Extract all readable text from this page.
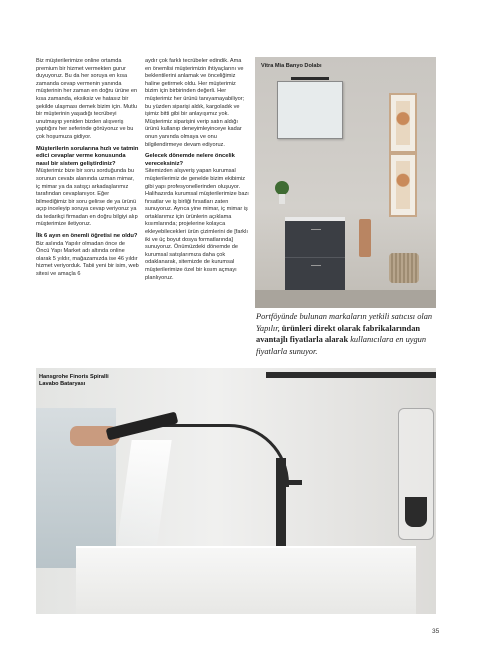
Biz müşterilerimize online ortamda premium bir hizmet vermekten gurur duyuyoruz. Bu da her soruya en kısa zamanda cevap vermenin yanında müşterinin her zaman en doğru ürüne en kısa zamanda, eksiksiz ve hatasız bir şekilde ulaşması demek bizim için. Mutlu bir müşterinin yaşadığı tecrübeyi unutmayıp yeniden bizden alışveriş yaptığını her seferinde görüyoruz ve bu çok hoşumuza gidiyor.

Müşterilerin sorularına hızlı ve tatmin edici cevaplar verme konusunda nasıl bir sistem geliştirdiniz?

Müşterimiz bize bir soru sorduğunda bu sorunun cevabı alanında uzman mimar, iç mimar ya da satışçı arkadaşlarımız tarafından cevaplanıyor. Eğer bilmediğimiz bir soru gelirse de ya ürünü açıp inceleyip soruya cevap veriyoruz ya da tedarikçi firmadan en doğru bilgiyi alıp müşterimize iletiyoruz.

İlk 6 ayın en önemli öğretisi ne oldu?

Biz aslında Yapılır olmadan önce de Öncü Yapı Market adı altında online olarak 5 yıldır, mağazamızda ise 46 yıldır hizmet veriyorduk. Tabii yeni bir isim, web sitesi ve amaçla 6

aydır çok farklı tecrübeler edindik. Ama en önemlisi müşterimizin ihtiyaçlarını ve beklentilerini anlamak ve önceliğimiz haline getirmek oldu. Her müşterimiz bizim için birbirinden değerli. Her müşterimiz her ürünü tanıyamayabiliyor; bu yüzden siparişi aldık, kargoladık ve işimiz bitti gibi bir anlayışımız yok. Müşterimiz siparişini verip satın aldığı ürünü kullanıp deneyimleyinceye kadar onun yanında olmaya ve onu bilgilendirmeye devam ediyoruz.

Gelecek dönemde nelere öncelik vereceksiniz?

Sitemizden alışveriş yapan kurumsal müşterilerimiz de genelde bizim ekibimiz gibi yapı profesyonellerinden oluşuyor. Halihazırda kurumsal müşterilerimize bazı fırsatlar ve iş birliği fırsatları zaten sunuyoruz. Ayrıca yine mimar, iç mimar iş ortaklarımız için ürünlerin açıklama kısımlarında; projelerine kolayca ekleyebilecekleri ürün çizimlerini de [farklı iki ve üç boyut dosya formatlarında] sunuyoruz. Önümüzdeki dönemde de kurumsal satışlarımıza daha çok odaklanarak, sitemizde de kurumsal müşterilerimize özel bir kısım açmayı planlıyoruz.

Vitra Mia Banyo Dolabı
Portföyünde bulunan markaların yetkili satıcısı olan Yapılır, ürünleri direkt olarak fabrikalarından avantajlı fiyatlarla alarak kullanıcılara en uygun fiyatlarla sunuyor.
Hansgrohe Finoris Spiralli Lavabo Bataryası
35
